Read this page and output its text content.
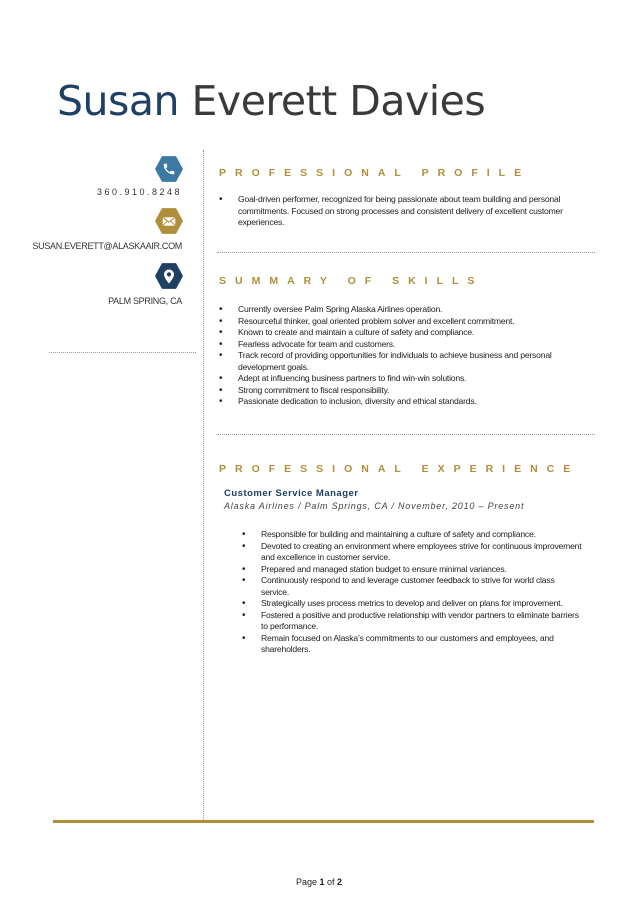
Susan Everett Davies
360.910.8248
SUSAN.EVERETT@ALASKAAIR.COM
PALM SPRING, CA
PROFESSIONAL PROFILE
• Goal-driven performer, recognized for being passionate about team building and personal commitments. Focused on strong processes and consistent delivery of excellent customer experiences.
SUMMARY OF SKILLS
• Currently oversee Palm Spring Alaska Airlines operation.
• Resourceful thinker, goal oriented problem solver and excellent commitment.
• Known to create and maintain a culture of safety and compliance.
• Fearless advocate for team and customers.
• Track record of providing opportunities for individuals to achieve business and personal development goals.
• Adept at influencing business partners to find win-win solutions.
• Strong commitment to fiscal responsibility.
• Passionate dedication to inclusion, diversity and ethical standards.
PROFESSIONAL EXPERIENCE
Customer Service Manager
Alaska Airlines / Palm Springs, CA / November, 2010 – Present
• Responsible for building and maintaining a culture of safety and compliance.
• Devoted to creating an environment where employees strive for continuous improvement and excellence in customer service.
• Prepared and managed station budget to ensure minimal variances.
• Continuously respond to and leverage customer feedback to strive for world class service.
• Strategically uses process metrics to develop and deliver on plans for improvement.
• Fostered a positive and productive relationship with vendor partners to eliminate barriers to performance.
• Remain focused on Alaska’s commitments to our customers and employees, and shareholders.
Page 1 of 2
